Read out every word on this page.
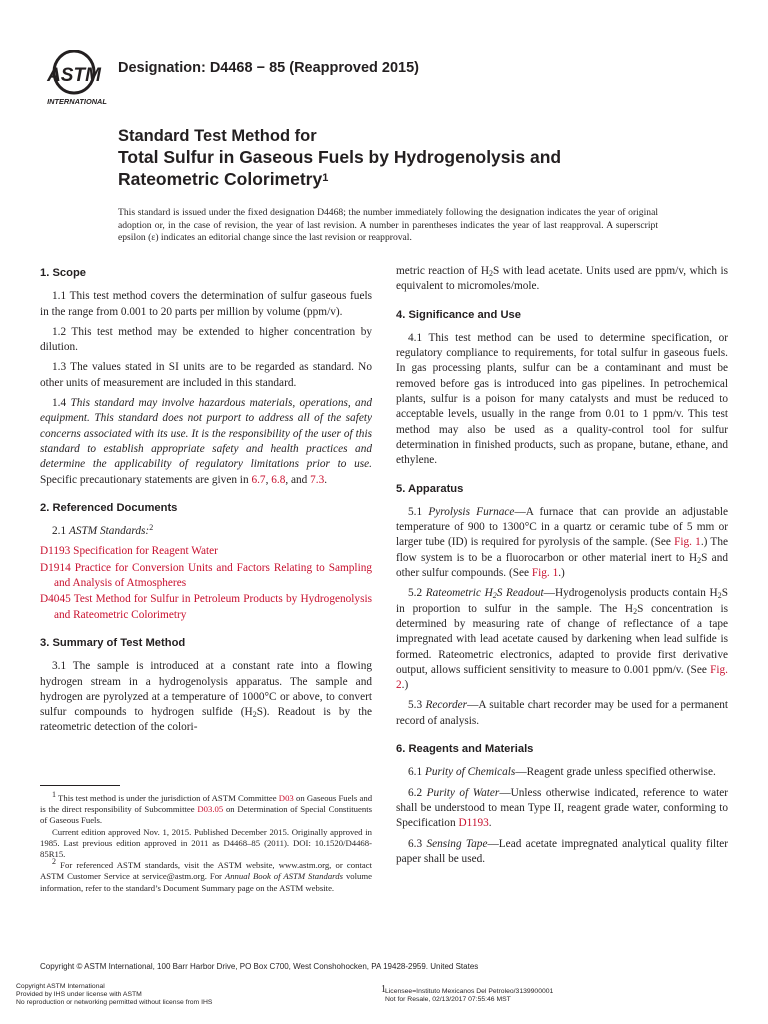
ASTM
INTERNATIONAL
Designation: D4468 − 85 (Reapproved 2015)
Standard Test Method for
Total Sulfur in Gaseous Fuels by Hydrogenolysis and
Rateometric Colorimetry$^1$
This standard is issued under the fixed designation D4468; the number immediately following the designation indicates the year of original adoption or, in the case of revision, the year of last revision. A number in parentheses indicates the year of last reapproval. A superscript epsilon (ε) indicates an editorial change since the last revision or reapproval.
1. Scope

1.1 This test method covers the determination of sulfur gaseous fuels in the range from 0.001 to 20 parts per million by volume (ppm/v).

1.2 This test method may be extended to higher concentration by dilution.

1.3 The values stated in SI units are to be regarded as standard. No other units of measurement are included in this standard.

1.4 This standard may involve hazardous materials, operations, and equipment. This standard does not purport to address all of the safety concerns associated with its use. It is the responsibility of the user of this standard to establish appropriate safety and health practices and determine the applicability of regulatory limitations prior to use. Specific precautionary statements are given in 6.7, 6.8, and 7.3.

2. Referenced Documents

2.1 ASTM Standards:$^2$

D1193 Specification for Reagent Water
D1914 Practice for Conversion Units and Factors Relating to Sampling and Analysis of Atmospheres
D4045 Test Method for Sulfur in Petroleum Products by Hydrogenolysis and Rateometric Colorimetry
3. Summary of Test Method

3.1 The sample is introduced at a constant rate into a flowing hydrogen stream in a hydrogenolysis apparatus. The sample and hydrogen are pyrolyzed at a temperature of 1000°C or above, to convert sulfur compounds to hydrogen sulfide $(H_2S)$. Readout is by the rateometric detection of the colori-

$^1$ This test method is under the jurisdiction of ASTM Committee D03 on Gaseous Fuels and is the direct responsibility of Subcommittee D03.05 on Determination of Special Constituents of Gaseous Fuels.

Current edition approved Nov. 1, 2015. Published December 2015. Originally approved in 1985. Last previous edition approved in 2011 as D4468–85 (2011). DOI: 10.1520/D4468-85R15.

$^2$ For referenced ASTM standards, visit the ASTM website, www.astm.org, or contact ASTM Customer Service at service@astm.org. For Annual Book of ASTM Standards volume information, refer to the standard’s Document Summary page on the ASTM website.

metric reaction of $H_2S$ with lead acetate. Units used are ppm/v, which is equivalent to micromoles/mole.

4. Significance and Use

4.1 This test method can be used to determine specification, or regulatory compliance to requirements, for total sulfur in gaseous fuels. In gas processing plants, sulfur can be a contaminant and must be removed before gas is introduced into gas pipelines. In petrochemical plants, sulfur is a poison for many catalysts and must be reduced to acceptable levels, usually in the range from 0.01 to 1 ppm/v. This test method may also be used as a quality-control tool for sulfur determination in finished products, such as propane, butane, ethane, and ethylene.

5. Apparatus

5.1 Pyrolysis Furnace—A furnace that can provide an adjustable temperature of 900 to 1300°C in a quartz or ceramic tube of 5 mm or larger tube (ID) is required for pyrolysis of the sample. (See Fig. 1.) The flow system is to be a fluorocarbon or other material inert to $H_2S$ and other sulfur compounds. (See Fig. 1.)

5.2 Rateometric $H_2S$ Readout—Hydrogenolysis products contain $H_2S$ in proportion to sulfur in the sample. The $H_2S$ concentration is determined by measuring rate of change of reflectance of a tape impregnated with lead acetate caused by darkening when lead sulfide is formed. Rateometric electronics, adapted to provide first derivative output, allows sufficient sensitivity to measure to 0.001 ppm/v. (See Fig. 2.)

5.3 Recorder—A suitable chart recorder may be used for a permanent record of analysis.

6. Reagents and Materials

6.1 Purity of Chemicals—Reagent grade unless specified otherwise.

6.2 Purity of Water—Unless otherwise indicated, reference to water shall be understood to mean Type II, reagent grade water, conforming to Specification D1193.

6.3 Sensing Tape—Lead acetate impregnated analytical quality filter paper shall be used.

Copyright © ASTM International, 100 Barr Harbor Drive, PO Box C700, West Conshohocken, PA 19428-2959. United States
1
Copyright ASTM International
Provided by IHS under license with ASTM
No reproduction or networking permitted without license from IHS
Licensee=Instituto Mexicanos Del Petroleo/3139900001
Not for Resale, 02/13/2017 07:55:46 MST
